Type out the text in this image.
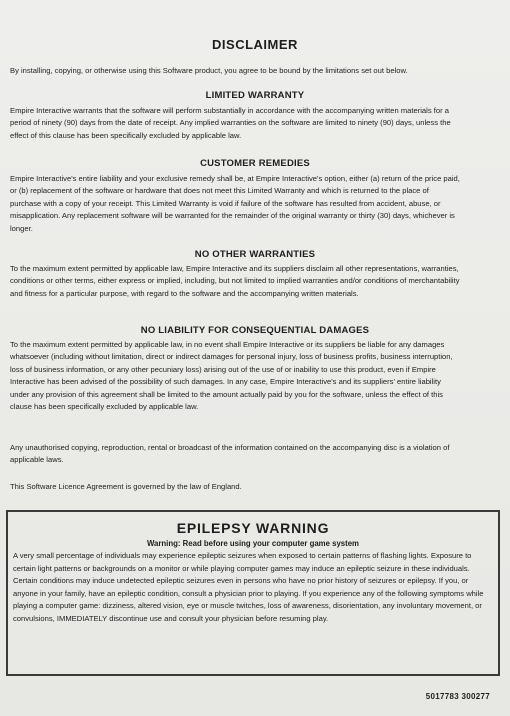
DISCLAIMER
By installing, copying, or otherwise using this Software product, you agree to be bound by the limitations set out below.
LIMITED WARRANTY
Empire Interactive warrants that the software will perform substantially in accordance with the accompanying written materials for a period of ninety (90) days from the date of receipt. Any implied warranties on the software are limited to ninety (90) days, unless the effect of this clause has been specifically excluded by applicable law.
CUSTOMER REMEDIES
Empire Interactive's entire liability and your exclusive remedy shall be, at Empire Interactive's option, either (a) return of the price paid, or (b) replacement of the software or hardware that does not meet this Limited Warranty and which is returned to the place of purchase with a copy of your receipt. This Limited Warranty is void if failure of the software has resulted from accident, abuse, or misapplication. Any replacement software will be warranted for the remainder of the original warranty or thirty (30) days, whichever is longer.
NO OTHER WARRANTIES
To the maximum extent permitted by applicable law, Empire Interactive and its suppliers disclaim all other representations, warranties, conditions or other terms, either express or implied, including, but not limited to implied warranties and/or conditions of merchantability and fitness for a particular purpose, with regard to the software and the accompanying written materials.
NO LIABILITY FOR CONSEQUENTIAL DAMAGES
To the maximum extent permitted by applicable law, in no event shall Empire Interactive or its suppliers be liable for any damages whatsoever (including without limitation, direct or indirect damages for personal injury, loss of business profits, business interruption, loss of business information, or any other pecuniary loss) arising out of the use of or inability to use this product, even if Empire Interactive has been advised of the possibility of such damages. In any case, Empire Interactive's and its suppliers' entire liability under any provision of this agreement shall be limited to the amount actually paid by you for the software, unless the effect of this clause has been specifically excluded by applicable law.
Any unauthorised copying, reproduction, rental or broadcast of the information contained on the accompanying disc is a violation of applicable laws.
This Software Licence Agreement is governed by the law of England.
EPILEPSY WARNING
Warning: Read before using your computer game system
A very small percentage of individuals may experience epileptic seizures when exposed to certain patterns of flashing lights. Exposure to certain light patterns or backgrounds on a monitor or while playing computer games may induce an epileptic seizure in these individuals. Certain conditions may induce undetected epileptic seizures even in persons who have no prior history of seizures or epilepsy. If you, or anyone in your family, have an epileptic condition, consult a physician prior to playing. If you experience any of the following symptoms while playing a computer game: dizziness, altered vision, eye or muscle twitches, loss of awareness, disorientation, any involuntary movement, or convulsions, IMMEDIATELY discontinue use and consult your physician before resuming play.
5017783 300277
